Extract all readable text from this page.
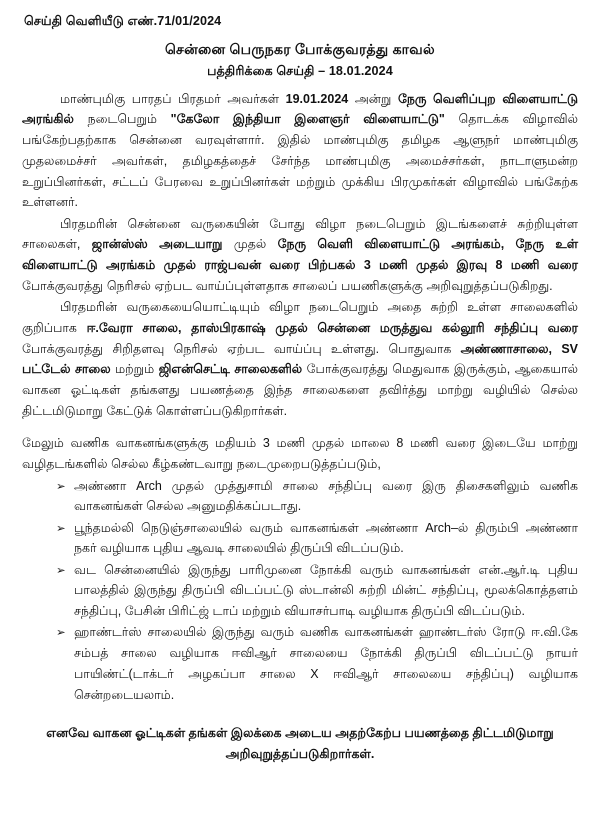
செய்தி வெளியீடு எண்.71/01/2024
சென்னை பெருநகர போக்குவரத்து காவல்
பத்திரிக்கை செய்தி – 18.01.2024

மாண்புமிகு பாரதப் பிரதமர் அவர்கள் 19.01.2024 அன்று நேரு வெளிப்புற விளையாட்டு அரங்கில் நடைபெறும் "கேலோ இந்தியா இளைஞர் விளையாட்டு" தொடக்க விழாவில் பங்கேற்பதற்காக சென்னை வரவுள்ளார். இதில் மாண்புமிகு தமிழக ஆளுநர் மாண்புமிகு முதலமைச்சர் அவர்கள், தமிழகத்தைச் சேர்ந்த மாண்புமிகு அமைச்சர்கள், நாடாளுமன்ற உறுப்பினர்கள், சட்டப் பேரவை உறுப்பினர்கள் மற்றும் முக்கிய பிரமுகர்கள் விழாவில் பங்கேற்க உள்ளனர்.

பிரதமரின் சென்னை வருகையின் போது விழா நடைபெறும் இடங்களைச் சுற்றியுள்ள சாலைகள், ஜான்ஸ்ஸ் அடையாறு முதல் நேரு வெளி விளையாட்டு அரங்கம், நேரு உள் விளையாட்டு அரங்கம் முதல் ராஜ்பவன் வரை பிற்பகல் 3 மணி முதல் இரவு 8 மணி வரை போக்குவரத்து நெரிசல் ஏற்பட வாய்ப்புள்ளதாக சாலைப் பயணிகளுக்கு அறிவுறுத்தப்படுகிறது.

பிரதமரின் வருகையையொட்டியும் விழா நடைபெறும் அதை சுற்றி உள்ள சாலைகளில் குறிப்பாக ஈ.வேரா சாலை, தாஸ்பிரகாஷ் முதல் சென்னை மருத்துவ கல்லூரி சந்திப்பு வரை போக்குவரத்து சிறிதளவு நெரிசல் ஏற்பட வாய்ப்பு உள்ளது. பொதுவாக அண்ணாசாலை, SV பட்டேல் சாலை மற்றும் ஜிஎன்செட்டி சாலைகளில் போக்குவரத்து மெதுவாக இருக்கும், ஆகையால் வாகன ஓட்டிகள் தங்களது பயணத்தை இந்த சாலைகளை தவிர்த்து மாற்று வழியில் செல்ல திட்டமிடுமாறு கேட்டுக் கொள்ளப்படுகிறார்கள்.

மேலும் வணிக வாகனங்களுக்கு மதியம் 3 மணி முதல் மாலை 8 மணி வரை இடையே மாற்று வழிதடங்களில் செல்ல கீழ்கண்டவாறு நடைமுறைபடுத்தப்படும்,

➢ அண்ணா Arch முதல் முத்துசாமி சாலை சந்திப்பு வரை இரு திசைகளிலும் வணிக வாகனங்கள் செல்ல அனுமதிக்கப்படாது.
➢ பூந்தமல்லி நெடுஞ்சாலையில் வரும் வாகனங்கள் அண்ணா Arch–ல் திரும்பி அண்ணா நகர் வழியாக புதிய ஆவடி சாலையில் திருப்பி விடப்படும்.
➢ வட சென்னையில் இருந்து பாரிமுனை நோக்கி வரும் வாகனங்கள் என்.ஆர்.டி புதிய பாலத்தில் இருந்து திருப்பி விடப்பட்டு ஸ்டான்லி சுற்றி மின்ட் சந்திப்பு, மூலக்கொத்தளம் சந்திப்பு, பேசின் பிரிட்ஜ் டாப் மற்றும் வியாசர்பாடி வழியாக திருப்பி விடப்படும்.
➢ ஹாண்டர்ஸ் சாலையில் இருந்து வரும் வணிக வாகனங்கள் ஹாண்டர்ஸ் ரோடு ஈ.வி.கே சம்பத் சாலை வழியாக ஈவிஆர் சாலையை நோக்கி திருப்பி விடப்பட்டு நாயர் பாயிண்ட்(டாக்டர் அழகப்பா சாலை X ஈவிஆர் சாலையை சந்திப்பு) வழியாக சென்றடையலாம்.
எனவே வாகன ஓட்டிகள் தங்கள் இலக்கை அடைய அதற்கேற்ப பயணத்தை திட்டமிடுமாறு அறிவுறுத்தப்படுகிறார்கள்.
